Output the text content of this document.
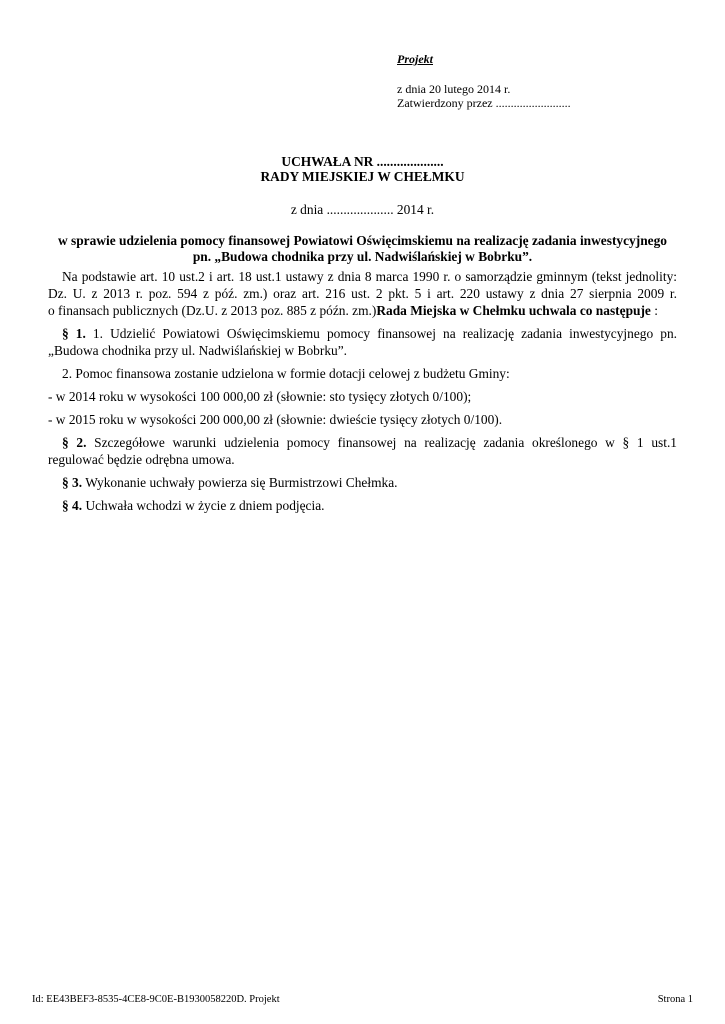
Projekt
z dnia 20 lutego 2014 r.
Zatwierdzony przez .........................
UCHWAŁA NR ....................
RADY MIEJSKIEJ W CHEŁMKU
z dnia .................... 2014 r.
w sprawie udzielenia pomocy finansowej Powiatowi Oświęcimskiemu na realizację zadania inwestycyjnego
pn. „Budowa chodnika przy ul. Nadwiślańskiej w Bobrku”.

Na podstawie art. 10 ust.2 i art. 18 ust.1 ustawy z dnia 8 marca 1990 r. o samorządzie gminnym (tekst jednolity:
Dz. U. z 2013 r. poz. 594 z póź. zm.) oraz art. 216 ust. 2 pkt. 5 i art. 220 ustawy z dnia 27 sierpnia 2009 r.
o finansach publicznych (Dz.U. z 2013 poz. 885 z późn. zm.)Rada Miejska w Chełmku uchwala co następuje :

§ 1. 1. Udzielić Powiatowi Oświęcimskiemu pomocy finansowej na realizację zadania inwestycyjnego pn.
„Budowa chodnika przy ul. Nadwiślańskiej w Bobrku”.

2. Pomoc finansowa zostanie udzielona w formie dotacji celowej z budżetu Gminy:

- w 2014 roku w wysokości 100 000,00 zł (słownie: sto tysięcy złotych 0/100);

- w 2015 roku w wysokości 200 000,00 zł (słownie: dwieście tysięcy złotych 0/100).

§ 2. Szczegółowe warunki udzielenia pomocy finansowej na realizację zadania określonego w § 1 ust.1
regulować będzie odrębna umowa.

§ 3. Wykonanie uchwały powierza się Burmistrzowi Chełmka.

§ 4. Uchwała wchodzi w życie z dniem podjęcia.

Id: EE43BEF3-8535-4CE8-9C0E-B1930058220D. Projekt	Strona 1
